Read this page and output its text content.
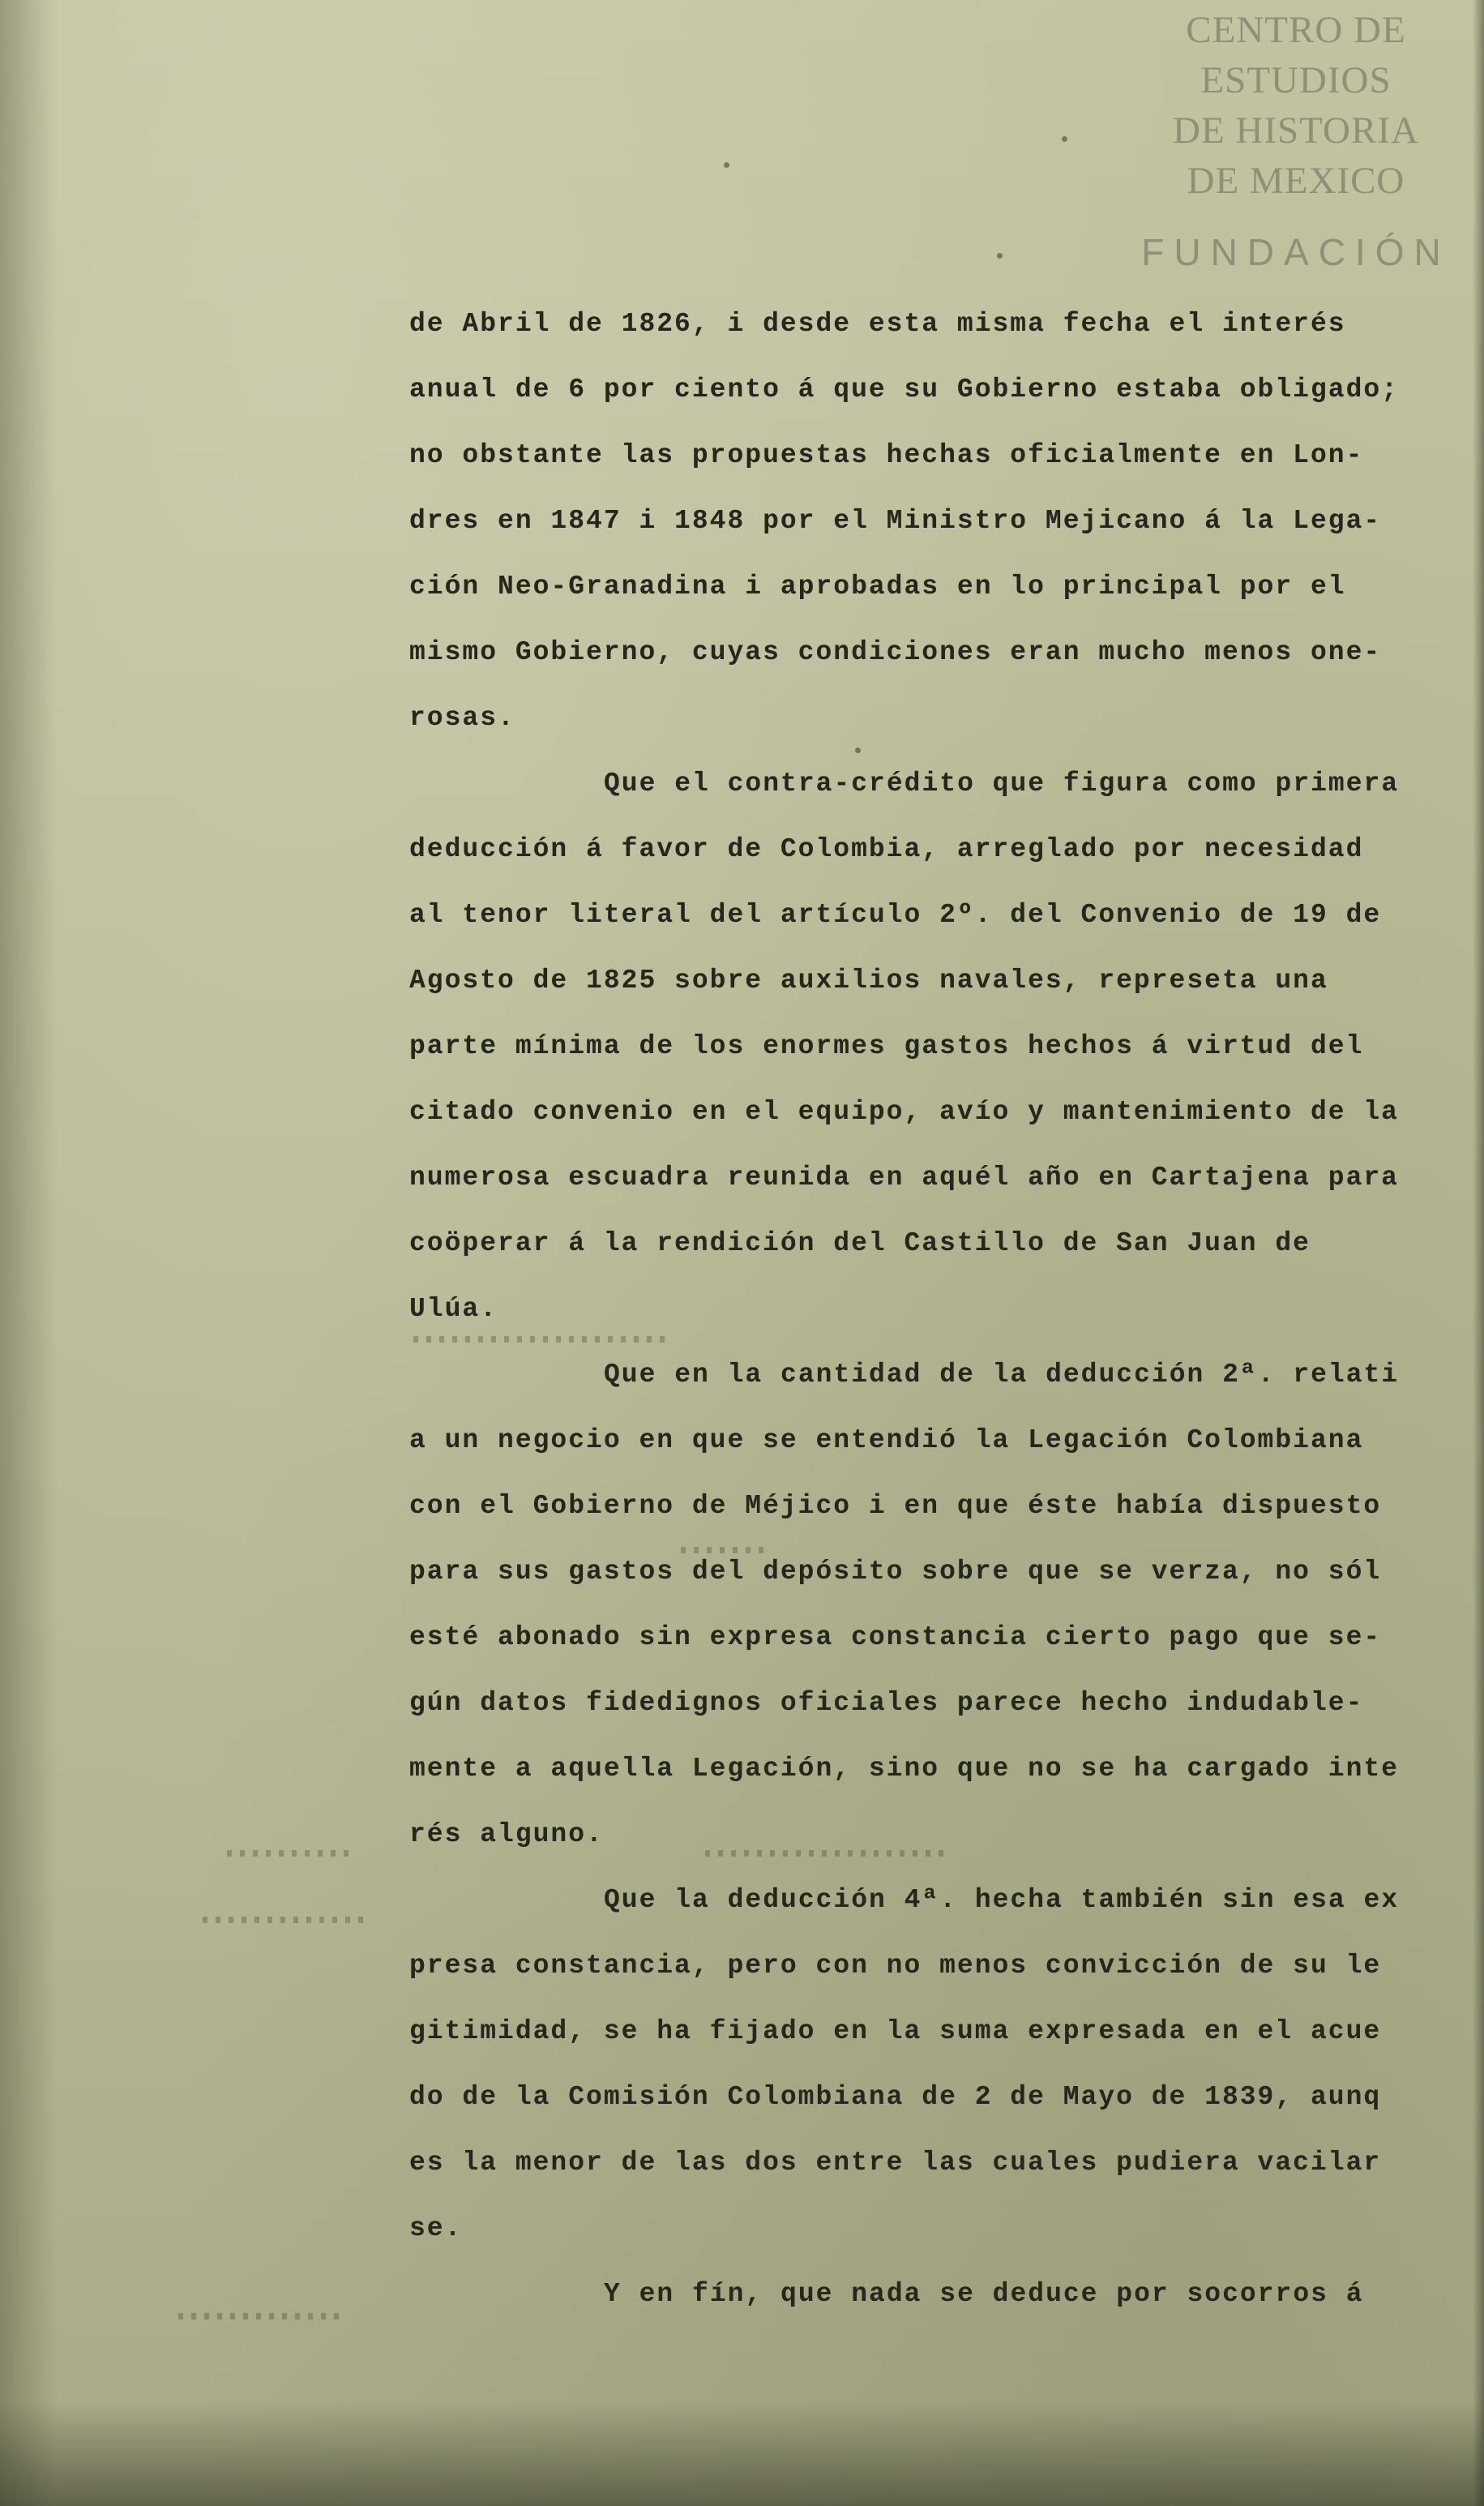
CENTRO DE
ESTUDIOS
DE HISTORIA
DE MEXICO
FUNDACIÓN
de Abril de 1826, i desde esta misma fecha el interés
anual de 6 por ciento á que su Gobierno estaba obligado;
no obstante las propuestas hechas oficialmente en Lon-
dres en 1847 i 1848 por el Ministro Mejicano á la Lega-
ción Neo-Granadina i aprobadas en lo principal por el
mismo Gobierno, cuyas condiciones eran mucho menos one-
rosas.
Que el contra-crédito que figura como primera
deducción á favor de Colombia, arreglado por necesidad
al tenor literal del artículo 2º. del Convenio de 19 de
Agosto de 1825 sobre auxilios navales, represeta una
parte mínima de los enormes gastos hechos á virtud del
citado convenio en el equipo, avío y mantenimiento de la
numerosa escuadra reunida en aquél año en Cartajena para
coöperar á la rendición del Castillo de San Juan de
Ulúa.
Que en la cantidad de la deducción 2ª. relati
a un negocio en que se entendió la Legación Colombiana
con el Gobierno de Méjico i en que éste había dispuesto
para sus gastos del depósito sobre que se verza, no sól
esté abonado sin expresa constancia cierto pago que se-
gún datos fidedignos oficiales parece hecho indudable-
mente a aquella Legación, sino que no se ha cargado inte
rés alguno.
Que la deducción 4ª. hecha también sin esa ex
presa constancia, pero con no menos convicción de su le
gitimidad, se ha fijado en la suma expresada en el acue
do de la Comisión Colombiana de 2 de Mayo de 1839, aunq
es la menor de las dos entre las cuales pudiera vacilar
se.
Y en fín, que nada se deduce por socorros á
